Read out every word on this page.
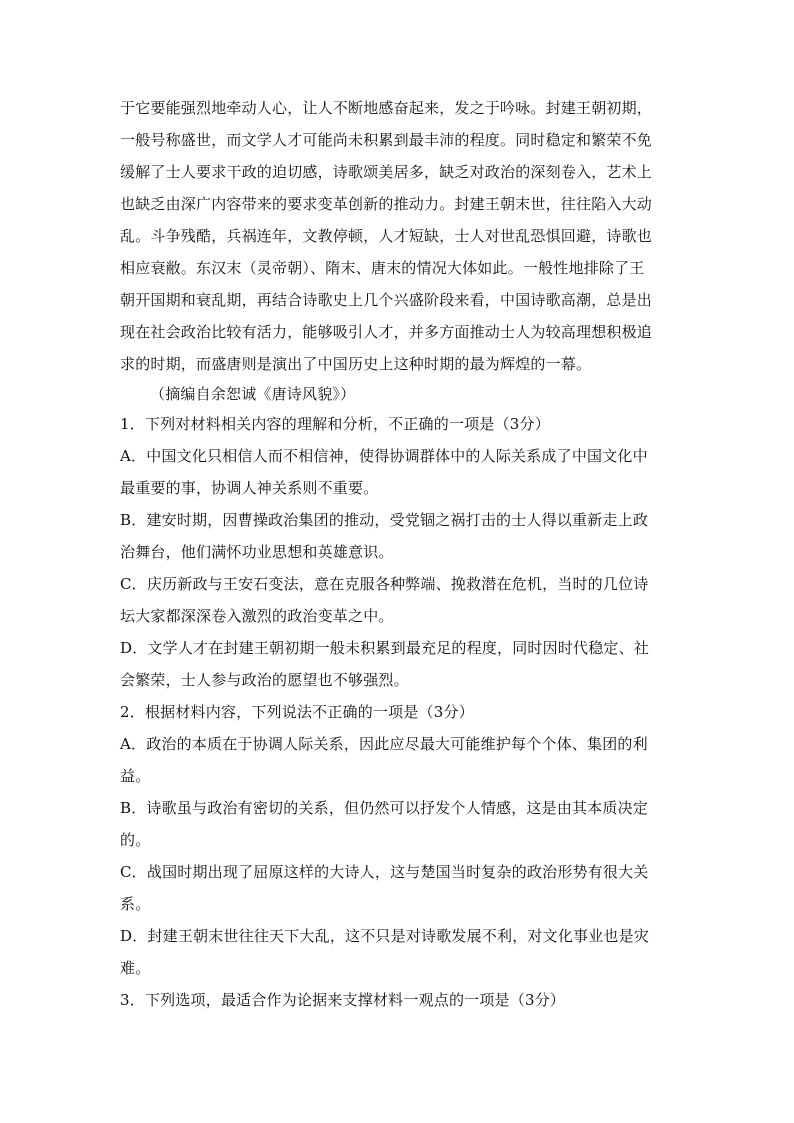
于它要能强烈地牵动人心，让人不断地感奋起来，发之于吟咏。封建王朝初期，
一般号称盛世，而文学人才可能尚未积累到最丰沛的程度。同时稳定和繁荣不免
缓解了士人要求干政的迫切感，诗歌颂美居多，缺乏对政治的深刻卷入，艺术上
也缺乏由深广内容带来的要求变革创新的推动力。封建王朝末世，往往陷入大动
乱。斗争残酷，兵祸连年，文教停顿，人才短缺，士人对世乱恐惧回避，诗歌也
相应衰敝。东汉末（灵帝朝）、隋末、唐末的情况大体如此。一般性地排除了王
朝开国期和衰乱期，再结合诗歌史上几个兴盛阶段来看，中国诗歌高潮，总是出
现在社会政治比较有活力，能够吸引人才，并多方面推动士人为较高理想积极追
求的时期，而盛唐则是演出了中国历史上这种时期的最为辉煌的一幕。
（摘编自余恕诚《唐诗风貌》）
1．下列对材料相关内容的理解和分析，不正确的一项是（3分）
A．中国文化只相信人而不相信神，使得协调群体中的人际关系成了中国文化中
最重要的事，协调人神关系则不重要。
B．建安时期，因曹操政治集团的推动，受党锢之祸打击的士人得以重新走上政
治舞台，他们满怀功业思想和英雄意识。
C．庆历新政与王安石变法，意在克服各种弊端、挽救潜在危机，当时的几位诗
坛大家都深深卷入激烈的政治变革之中。
D．文学人才在封建王朝初期一般未积累到最充足的程度，同时因时代稳定、社
会繁荣，士人参与政治的愿望也不够强烈。
2．根据材料内容，下列说法不正确的一项是（3分）
A．政治的本质在于协调人际关系，因此应尽最大可能维护每个个体、集团的利
益。
B．诗歌虽与政治有密切的关系，但仍然可以抒发个人情感，这是由其本质决定
的。
C．战国时期出现了屈原这样的大诗人，这与楚国当时复杂的政治形势有很大关
系。
D．封建王朝末世往往天下大乱，这不只是对诗歌发展不利，对文化事业也是灾
难。
3．下列选项，最适合作为论据来支撑材料一观点的一项是（3分）
